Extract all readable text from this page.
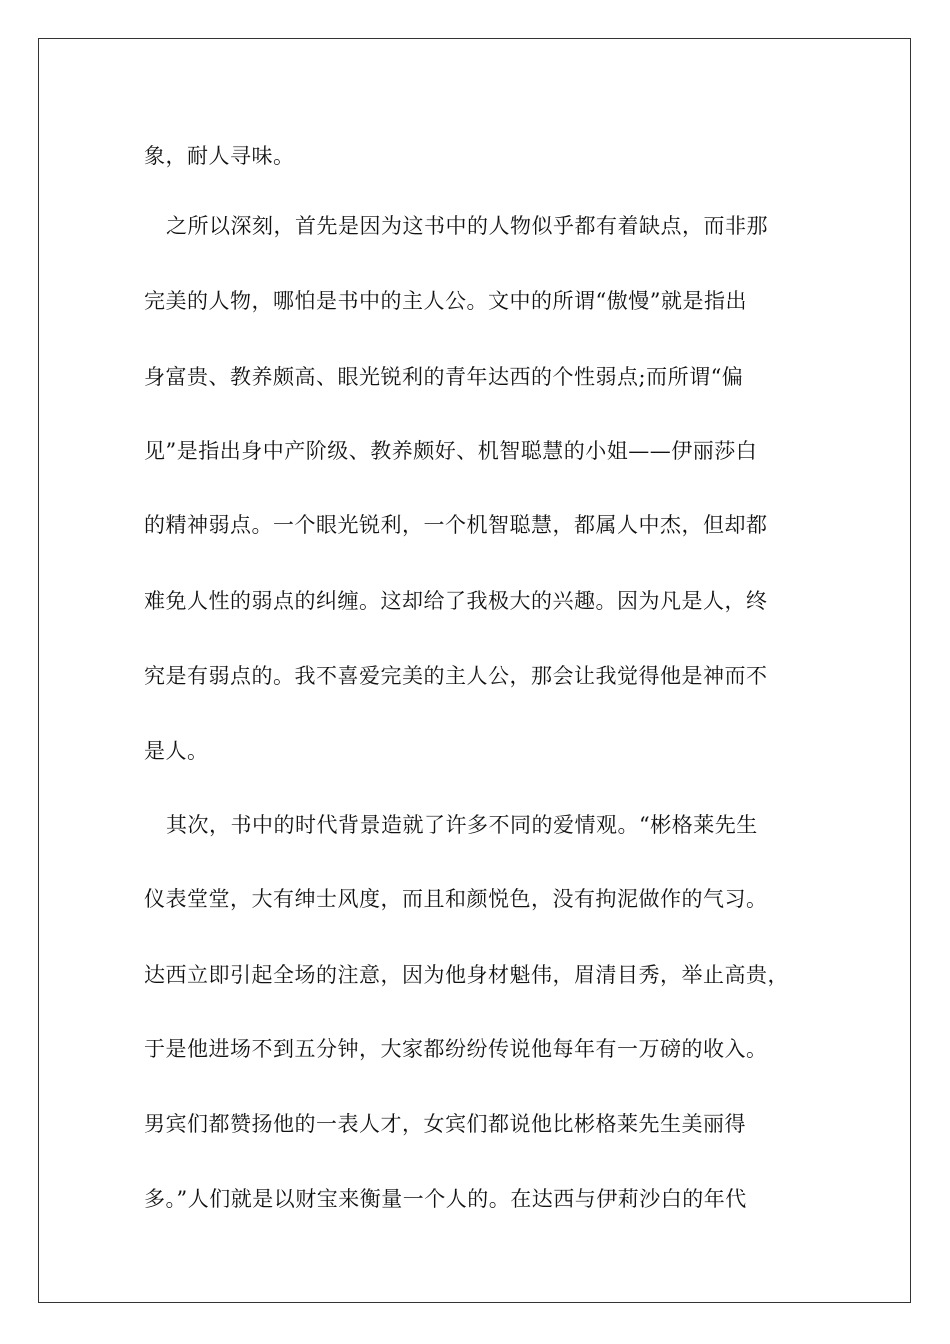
象，耐人寻味。
之所以深刻，首先是因为这书中的人物似乎都有着缺点，而非那
完美的人物，哪怕是书中的主人公。文中的所谓“傲慢”就是指出
身富贵、教养颇高、眼光锐利的青年达西的个性弱点;而所谓“偏
见”是指出身中产阶级、教养颇好、机智聪慧的小姐——伊丽莎白
的精神弱点。一个眼光锐利，一个机智聪慧，都属人中杰，但却都
难免人性的弱点的纠缠。这却给了我极大的兴趣。因为凡是人，终
究是有弱点的。我不喜爱完美的主人公，那会让我觉得他是神而不
是人。
其次，书中的时代背景造就了许多不同的爱情观。“彬格莱先生
仪表堂堂，大有绅士风度，而且和颜悦色，没有拘泥做作的气习。
达西立即引起全场的注意，因为他身材魁伟，眉清目秀，举止高贵，
于是他进场不到五分钟，大家都纷纷传说他每年有一万磅的收入。
男宾们都赞扬他的一表人才，女宾们都说他比彬格莱先生美丽得
多。”人们就是以财宝来衡量一个人的。在达西与伊莉沙白的年代
